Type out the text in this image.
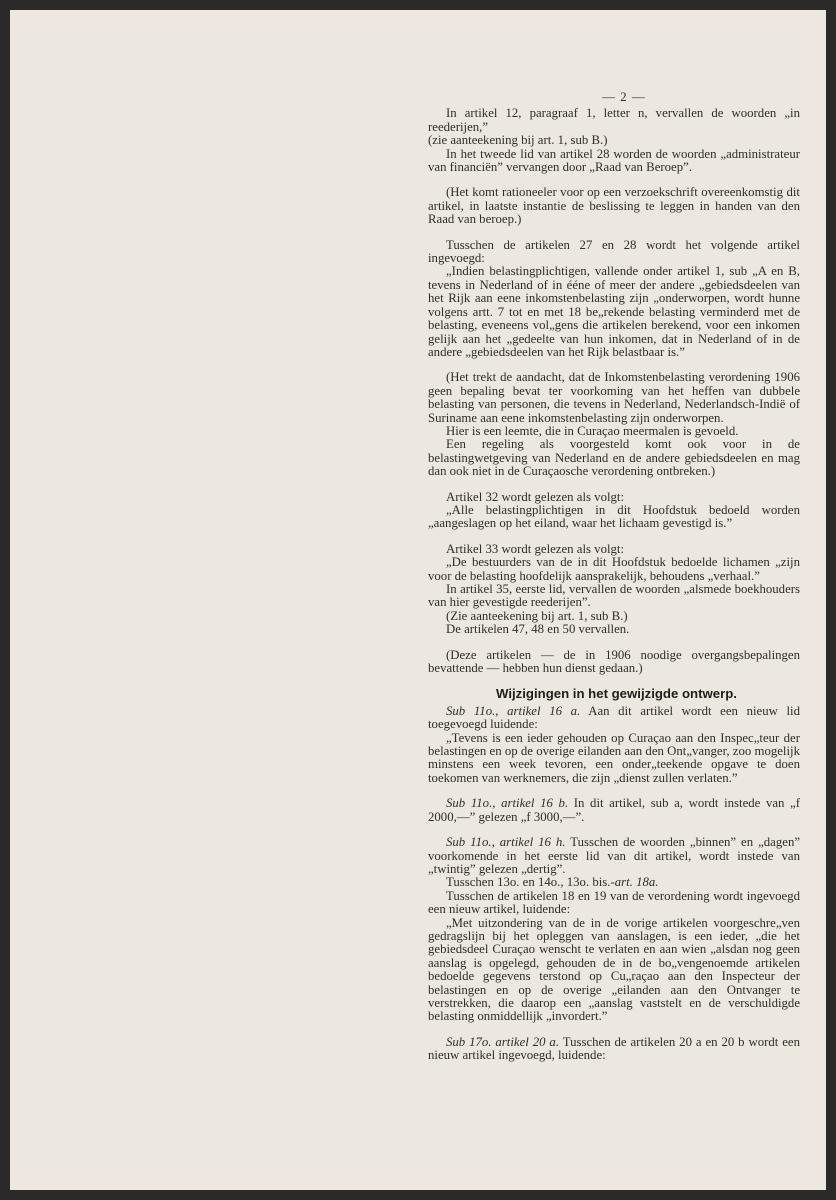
— 2 —

In artikel 12, paragraaf 1, letter n, vervallen de woorden „in reederijen,”

(zie aanteekening bij art. 1, sub B.)

In het tweede lid van artikel 28 worden de woorden „administrateur van financiën” vervangen door „Raad van Beroep”.

(Het komt rationeeler voor op een verzoekschrift overeenkomstig dit artikel, in laatste instantie de beslissing te leggen in handen van den Raad van beroep.)

Tusschen de artikelen 27 en 28 wordt het volgende artikel ingevoegd:

„Indien belastingplichtigen, vallende onder artikel 1, sub „A en B, tevens in Nederland of in ééne of meer der andere „gebiedsdeelen van het Rijk aan eene inkomstenbelasting zijn „onderworpen, wordt hunne volgens artt. 7 tot en met 18 be„rekende belasting verminderd met de belasting, eveneens vol„gens die artikelen berekend, voor een inkomen gelijk aan het „gedeelte van hun inkomen, dat in Nederland of in de andere „gebiedsdeelen van het Rijk belastbaar is.”

(Het trekt de aandacht, dat de Inkomstenbelasting verordening 1906 geen bepaling bevat ter voorkoming van het heffen van dubbele belasting van personen, die tevens in Nederland, Nederlandsch-Indië of Suriname aan eene inkomstenbelasting zijn onderworpen.

Hier is een leemte, die in Curaçao meermalen is gevoeld.

Een regeling als voorgesteld komt ook voor in de belastingwetgeving van Nederland en de andere gebiedsdeelen en mag dan ook niet in de Curaçaosche verordening ontbreken.)

Artikel 32 wordt gelezen als volgt:

„Alle belastingplichtigen in dit Hoofdstuk bedoeld worden „aangeslagen op het eiland, waar het lichaam gevestigd is.”

Artikel 33 wordt gelezen als volgt:

„De bestuurders van de in dit Hoofdstuk bedoelde lichamen „zijn voor de belasting hoofdelijk aansprakelijk, behoudens „verhaal.”

In artikel 35, eerste lid, vervallen de woorden „alsmede boekhouders van hier gevestigde reederijen”.

(Zie aanteekening bij art. 1, sub B.)

De artikelen 47, 48 en 50 vervallen.

(Deze artikelen — de in 1906 noodige overgangsbepalingen bevattende — hebben hun dienst gedaan.)

Wijzigingen in het gewijzigde ontwerp.

Sub 11o., artikel 16 a. Aan dit artikel wordt een nieuw lid toegevoegd luidende:

„Tevens is een ieder gehouden op Curaçao aan den Inspec„teur der belastingen en op de overige eilanden aan den Ont„vanger, zoo mogelijk minstens een week tevoren, een onder„teekende opgave te doen toekomen van werknemers, die zijn „dienst zullen verlaten.”

Sub 11o., artikel 16 b. In dit artikel, sub a, wordt instede van „f 2000,—” gelezen „f 3000,—”.

Sub 11o., artikel 16 h. Tusschen de woorden „binnen” en „dagen” voorkomende in het eerste lid van dit artikel, wordt instede van „twintig” gelezen „dertig”.

Tusschen 13o. en 14o., 13o. bis.-art. 18a.

Tusschen de artikelen 18 en 19 van de verordening wordt ingevoegd een nieuw artikel, luidende:

„Met uitzondering van de in de vorige artikelen voorgeschre„ven gedragslijn bij het opleggen van aanslagen, is een ieder, „die het gebiedsdeel Curaçao wenscht te verlaten en aan wien „alsdan nog geen aanslag is opgelegd, gehouden de in de bo„vengenoemde artikelen bedoelde gegevens terstond op Cu„raçao aan den Inspecteur der belastingen en op de overige „eilanden aan den Ontvanger te verstrekken, die daarop een „aanslag vaststelt en de verschuldigde belasting onmiddellijk „invordert.”

Sub 17o. artikel 20 a. Tusschen de artikelen 20 a en 20 b wordt een nieuw artikel ingevoegd, luidende:
